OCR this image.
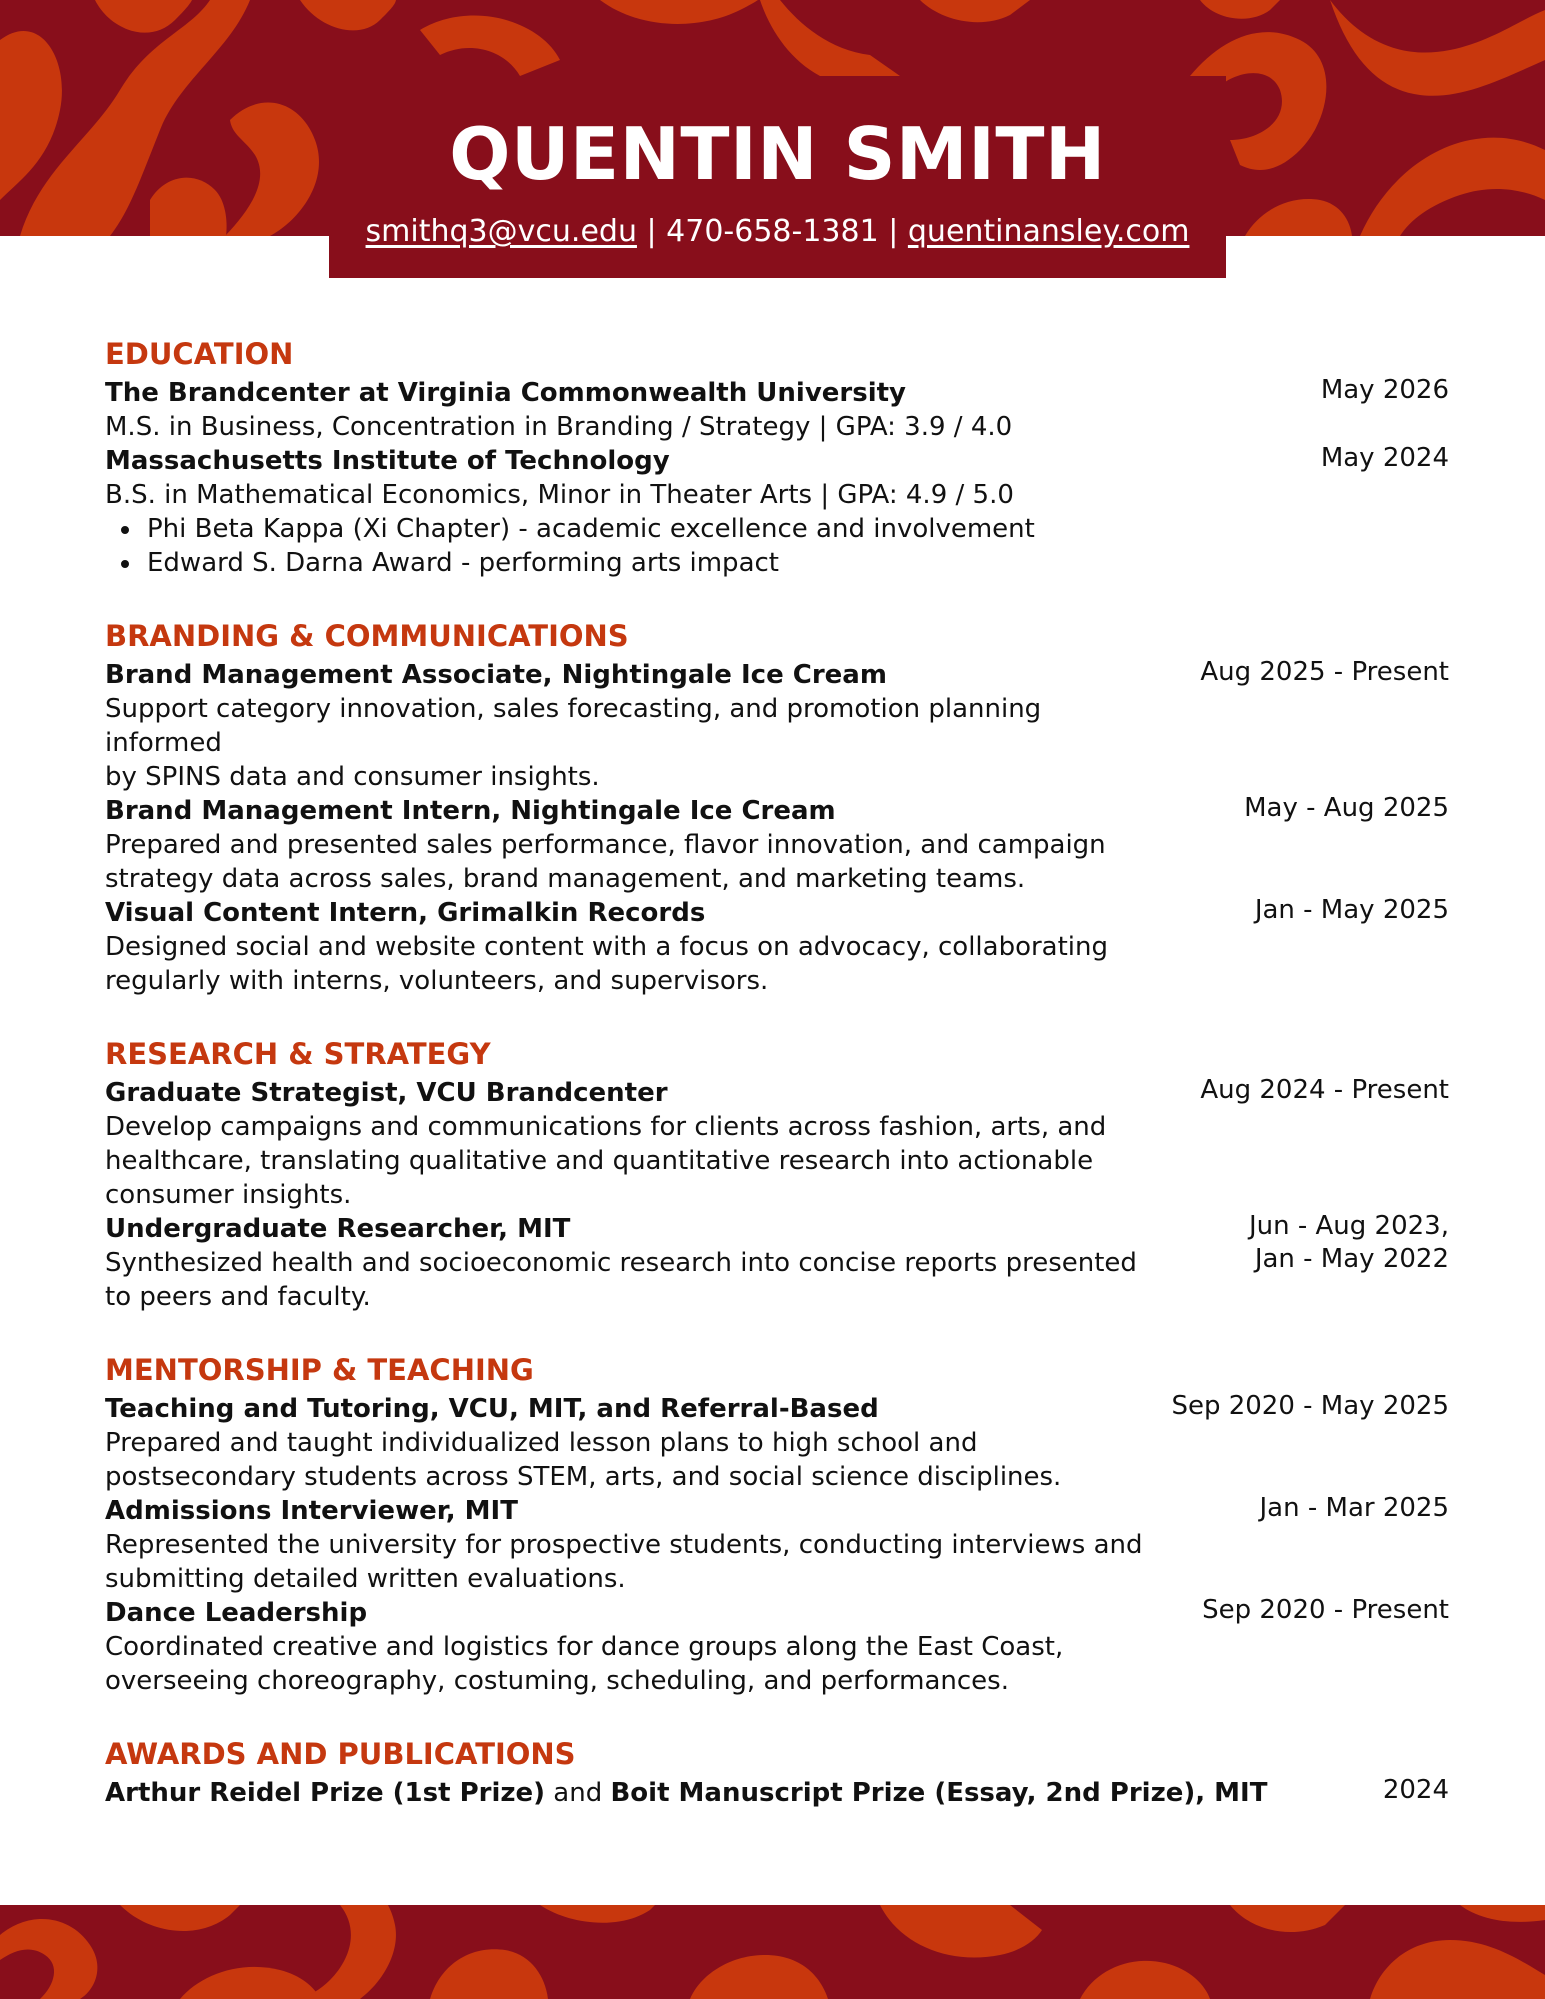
QUENTIN SMITH
smithq3@vcu.edu | 470-658-1381 | quentinansley.com
EDUCATION
The Brandcenter at Virginia Commonwealth University	May 2026
M.S. in Business, Concentration in Branding / Strategy | GPA: 3.9 / 4.0
Massachusetts Institute of Technology	May 2024
B.S. in Mathematical Economics, Minor in Theater Arts | GPA: 4.9 / 5.0
• Phi Beta Kappa (Xi Chapter) - academic excellence and involvement
• Edward S. Darna Award - performing arts impact
BRANDING & COMMUNICATIONS
Brand Management Associate, Nightingale Ice Cream	Aug 2025 - Present
Support category innovation, sales forecasting, and promotion planning informed
by SPINS data and consumer insights.
Brand Management Intern, Nightingale Ice Cream	May - Aug 2025
Prepared and presented sales performance, flavor innovation, and campaign
strategy data across sales, brand management, and marketing teams.
Visual Content Intern, Grimalkin Records	Jan - May 2025
Designed social and website content with a focus on advocacy, collaborating
regularly with interns, volunteers, and supervisors.
RESEARCH & STRATEGY
Graduate Strategist, VCU Brandcenter	Aug 2024 - Present
Develop campaigns and communications for clients across fashion, arts, and
healthcare, translating qualitative and quantitative research into actionable
consumer insights.
Undergraduate Researcher, MIT	Jun - Aug 2023,
Jan - May 2022
Synthesized health and socioeconomic research into concise reports presented
to peers and faculty.
MENTORSHIP & TEACHING
Teaching and Tutoring, VCU, MIT, and Referral-Based	Sep 2020 - May 2025
Prepared and taught individualized lesson plans to high school and
postsecondary students across STEM, arts, and social science disciplines.
Admissions Interviewer, MIT	Jan - Mar 2025
Represented the university for prospective students, conducting interviews and
submitting detailed written evaluations.
Dance Leadership	Sep 2020 - Present
Coordinated creative and logistics for dance groups along the East Coast,
overseeing choreography, costuming, scheduling, and performances.
AWARDS AND PUBLICATIONS
Arthur Reidel Prize (1st Prize) and Boit Manuscript Prize (Essay, 2nd Prize), MIT	2024
